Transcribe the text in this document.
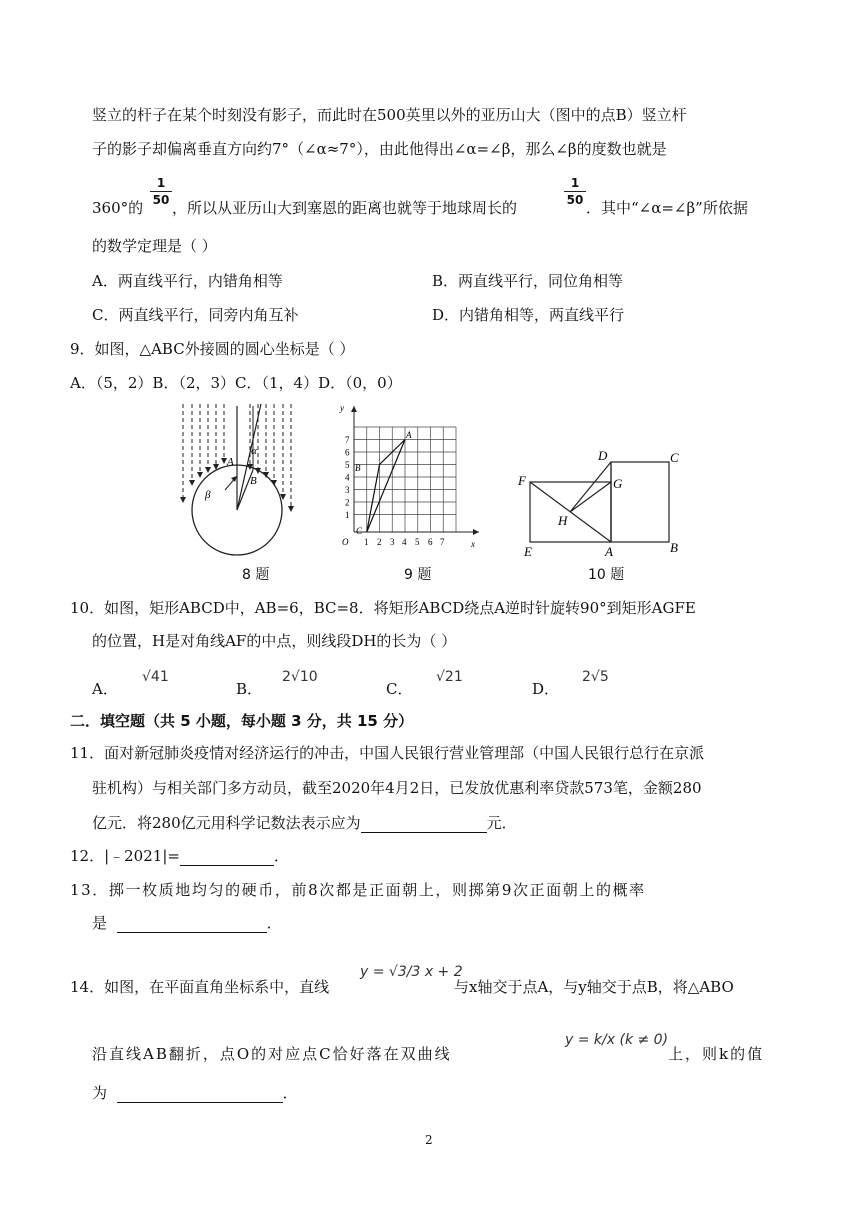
竖立的杆子在某个时刻没有影子，而此时在500英里以外的亚历山大（图中的点B）竖立杆
子的影子却偏离垂直方向约7°（∠α≈7°），由此他得出∠α=∠β，那么∠β的度数也就是
360°的
1
50 ，所以从亚历山大到塞恩的距离也就等于地球周长的
1
50 ．其中“∠α=∠β”所依据
的数学定理是（ ）
A．两直线平行，内错角相等	B．两直线平行，同位角相等
C．两直线平行，同旁内角互补	D．内错角相等，两直线平行
9．如图，△ABC外接圆的圆心坐标是（ ）
A．（5，2）B．（2，3）C．（1，4）D．（0，0）
A
B
α
β
y
x
O
A
B
C
1
2
3
4
5
6
7
1 2 3 4 5 6 7
D	C
F	G
H
E	A	B
8 题	9 题	10 题
10．如图，矩形ABCD中，AB=6，BC=8．将矩形ABCD绕点A逆时针旋转90°到矩形AGFE
的位置，H是对角线AF的中点，则线段DH的长为（ ）
A．
√41
B．
2√10
C．
√21
D．
2√5
二．填空题（共 5 小题，每小题 3 分，共 15 分）
11．面对新冠肺炎疫情对经济运行的冲击，中国人民银行营业管理部（中国人民银行总行在京派
驻机构）与相关部门多方动员，截至2020年4月2日，已发放优惠利率贷款573笔，金额280
亿元．将280亿元用科学记数法表示应为	元．
12．|﹣2021|=	．
13．掷一枚质地均匀的硬币，前8次都是正面朝上，则掷第9次正面朝上的概率
是	．
14．如图，在平面直角坐标系中，直线
y = √3/3 x + 2
与x轴交于点A，与y轴交于点B，将△ABO
沿直线AB翻折，点O的对应点C恰好落在双曲线
y = k/x (k ≠ 0)
上，则k的值
为	．
2
